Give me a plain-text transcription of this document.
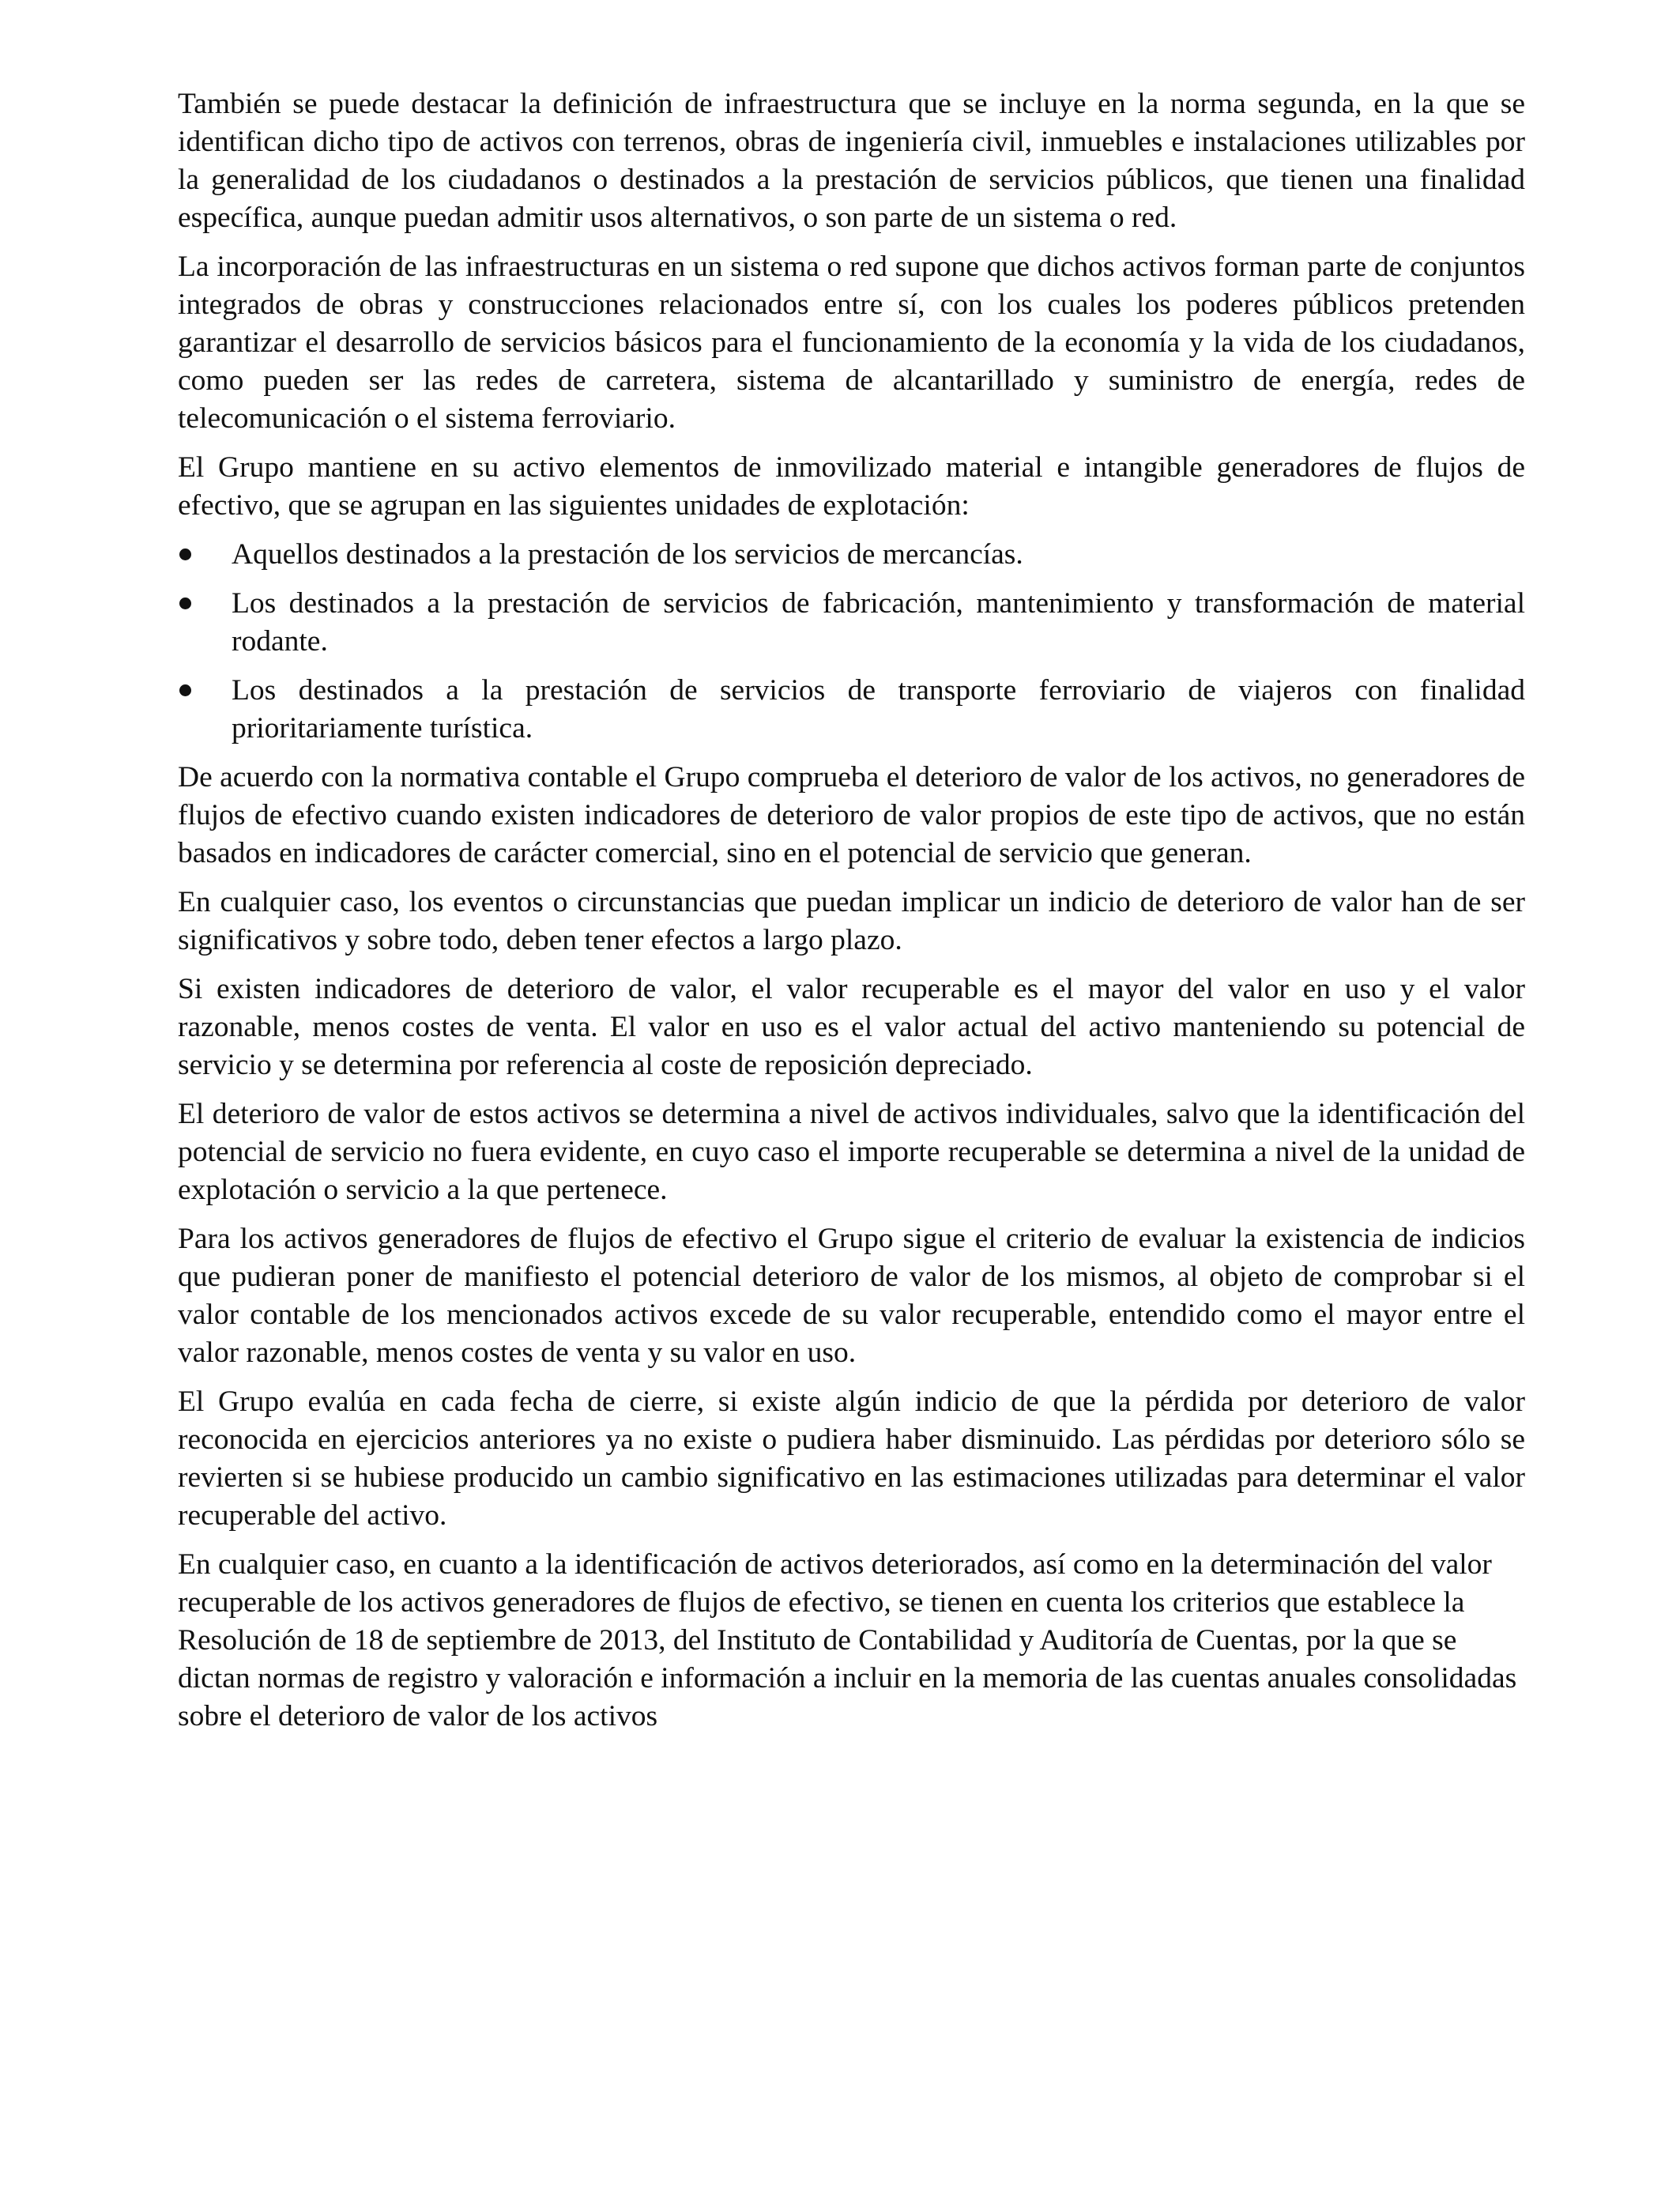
También se puede destacar la definición de infraestructura que se incluye en la norma segunda, en la que se identifican dicho tipo de activos con terrenos, obras de ingeniería civil, inmuebles e instalaciones utilizables por la generalidad de los ciudadanos o destinados a la prestación de servicios públicos, que tienen una finalidad específica, aunque puedan admitir usos alternativos, o son parte de un sistema o red.

La incorporación de las infraestructuras en un sistema o red supone que dichos activos forman parte de conjuntos integrados de obras y construcciones relacionados entre sí, con los cuales los poderes públicos pretenden garantizar el desarrollo de servicios básicos para el funcionamiento de la economía y la vida de los ciudadanos, como pueden ser las redes de carretera, sistema de alcantarillado y suministro de energía, redes de telecomunicación o el sistema ferroviario.

El Grupo mantiene en su activo elementos de inmovilizado material e intangible generadores de flujos de efectivo, que se agrupan en las siguientes unidades de explotación:

Aquellos destinados a la prestación de los servicios de mercancías.
Los destinados a la prestación de servicios de fabricación, mantenimiento y transformación de material rodante.
Los destinados a la prestación de servicios de transporte ferroviario de viajeros con finalidad prioritariamente turística.

De acuerdo con la normativa contable el Grupo comprueba el deterioro de valor de los activos, no generadores de flujos de efectivo cuando existen indicadores de deterioro de valor propios de este tipo de activos, que no están basados en indicadores de carácter comercial, sino en el potencial de servicio que generan.

En cualquier caso, los eventos o circunstancias que puedan implicar un indicio de deterioro de valor han de ser significativos y sobre todo, deben tener efectos a largo plazo.

Si existen indicadores de deterioro de valor, el valor recuperable es el mayor del valor en uso y el valor razonable, menos costes de venta. El valor en uso es el valor actual del activo manteniendo su potencial de servicio y se determina por referencia al coste de reposición depreciado.

El deterioro de valor de estos activos se determina a nivel de activos individuales, salvo que la identificación del potencial de servicio no fuera evidente, en cuyo caso el importe recuperable se determina a nivel de la unidad de explotación o servicio a la que pertenece.

Para los activos generadores de flujos de efectivo el Grupo sigue el criterio de evaluar la existencia de indicios que pudieran poner de manifiesto el potencial deterioro de valor de los mismos, al objeto de comprobar si el valor contable de los mencionados activos excede de su valor recuperable, entendido como el mayor entre el valor razonable, menos costes de venta y su valor en uso.

El Grupo evalúa en cada fecha de cierre, si existe algún indicio de que la pérdida por deterioro de valor reconocida en ejercicios anteriores ya no existe o pudiera haber disminuido. Las pérdidas por deterioro sólo se revierten si se hubiese producido un cambio significativo en las estimaciones utilizadas para determinar el valor recuperable del activo.

En cualquier caso, en cuanto a la identificación de activos deteriorados, así como en la determinación del valor recuperable de los activos generadores de flujos de efectivo, se tienen en cuenta los criterios que establece la Resolución de 18 de septiembre de 2013, del Instituto de Contabilidad y Auditoría de Cuentas, por la que se dictan normas de registro y valoración e información a incluir en la memoria de las cuentas anuales consolidadas sobre el deterioro de valor de los activos
